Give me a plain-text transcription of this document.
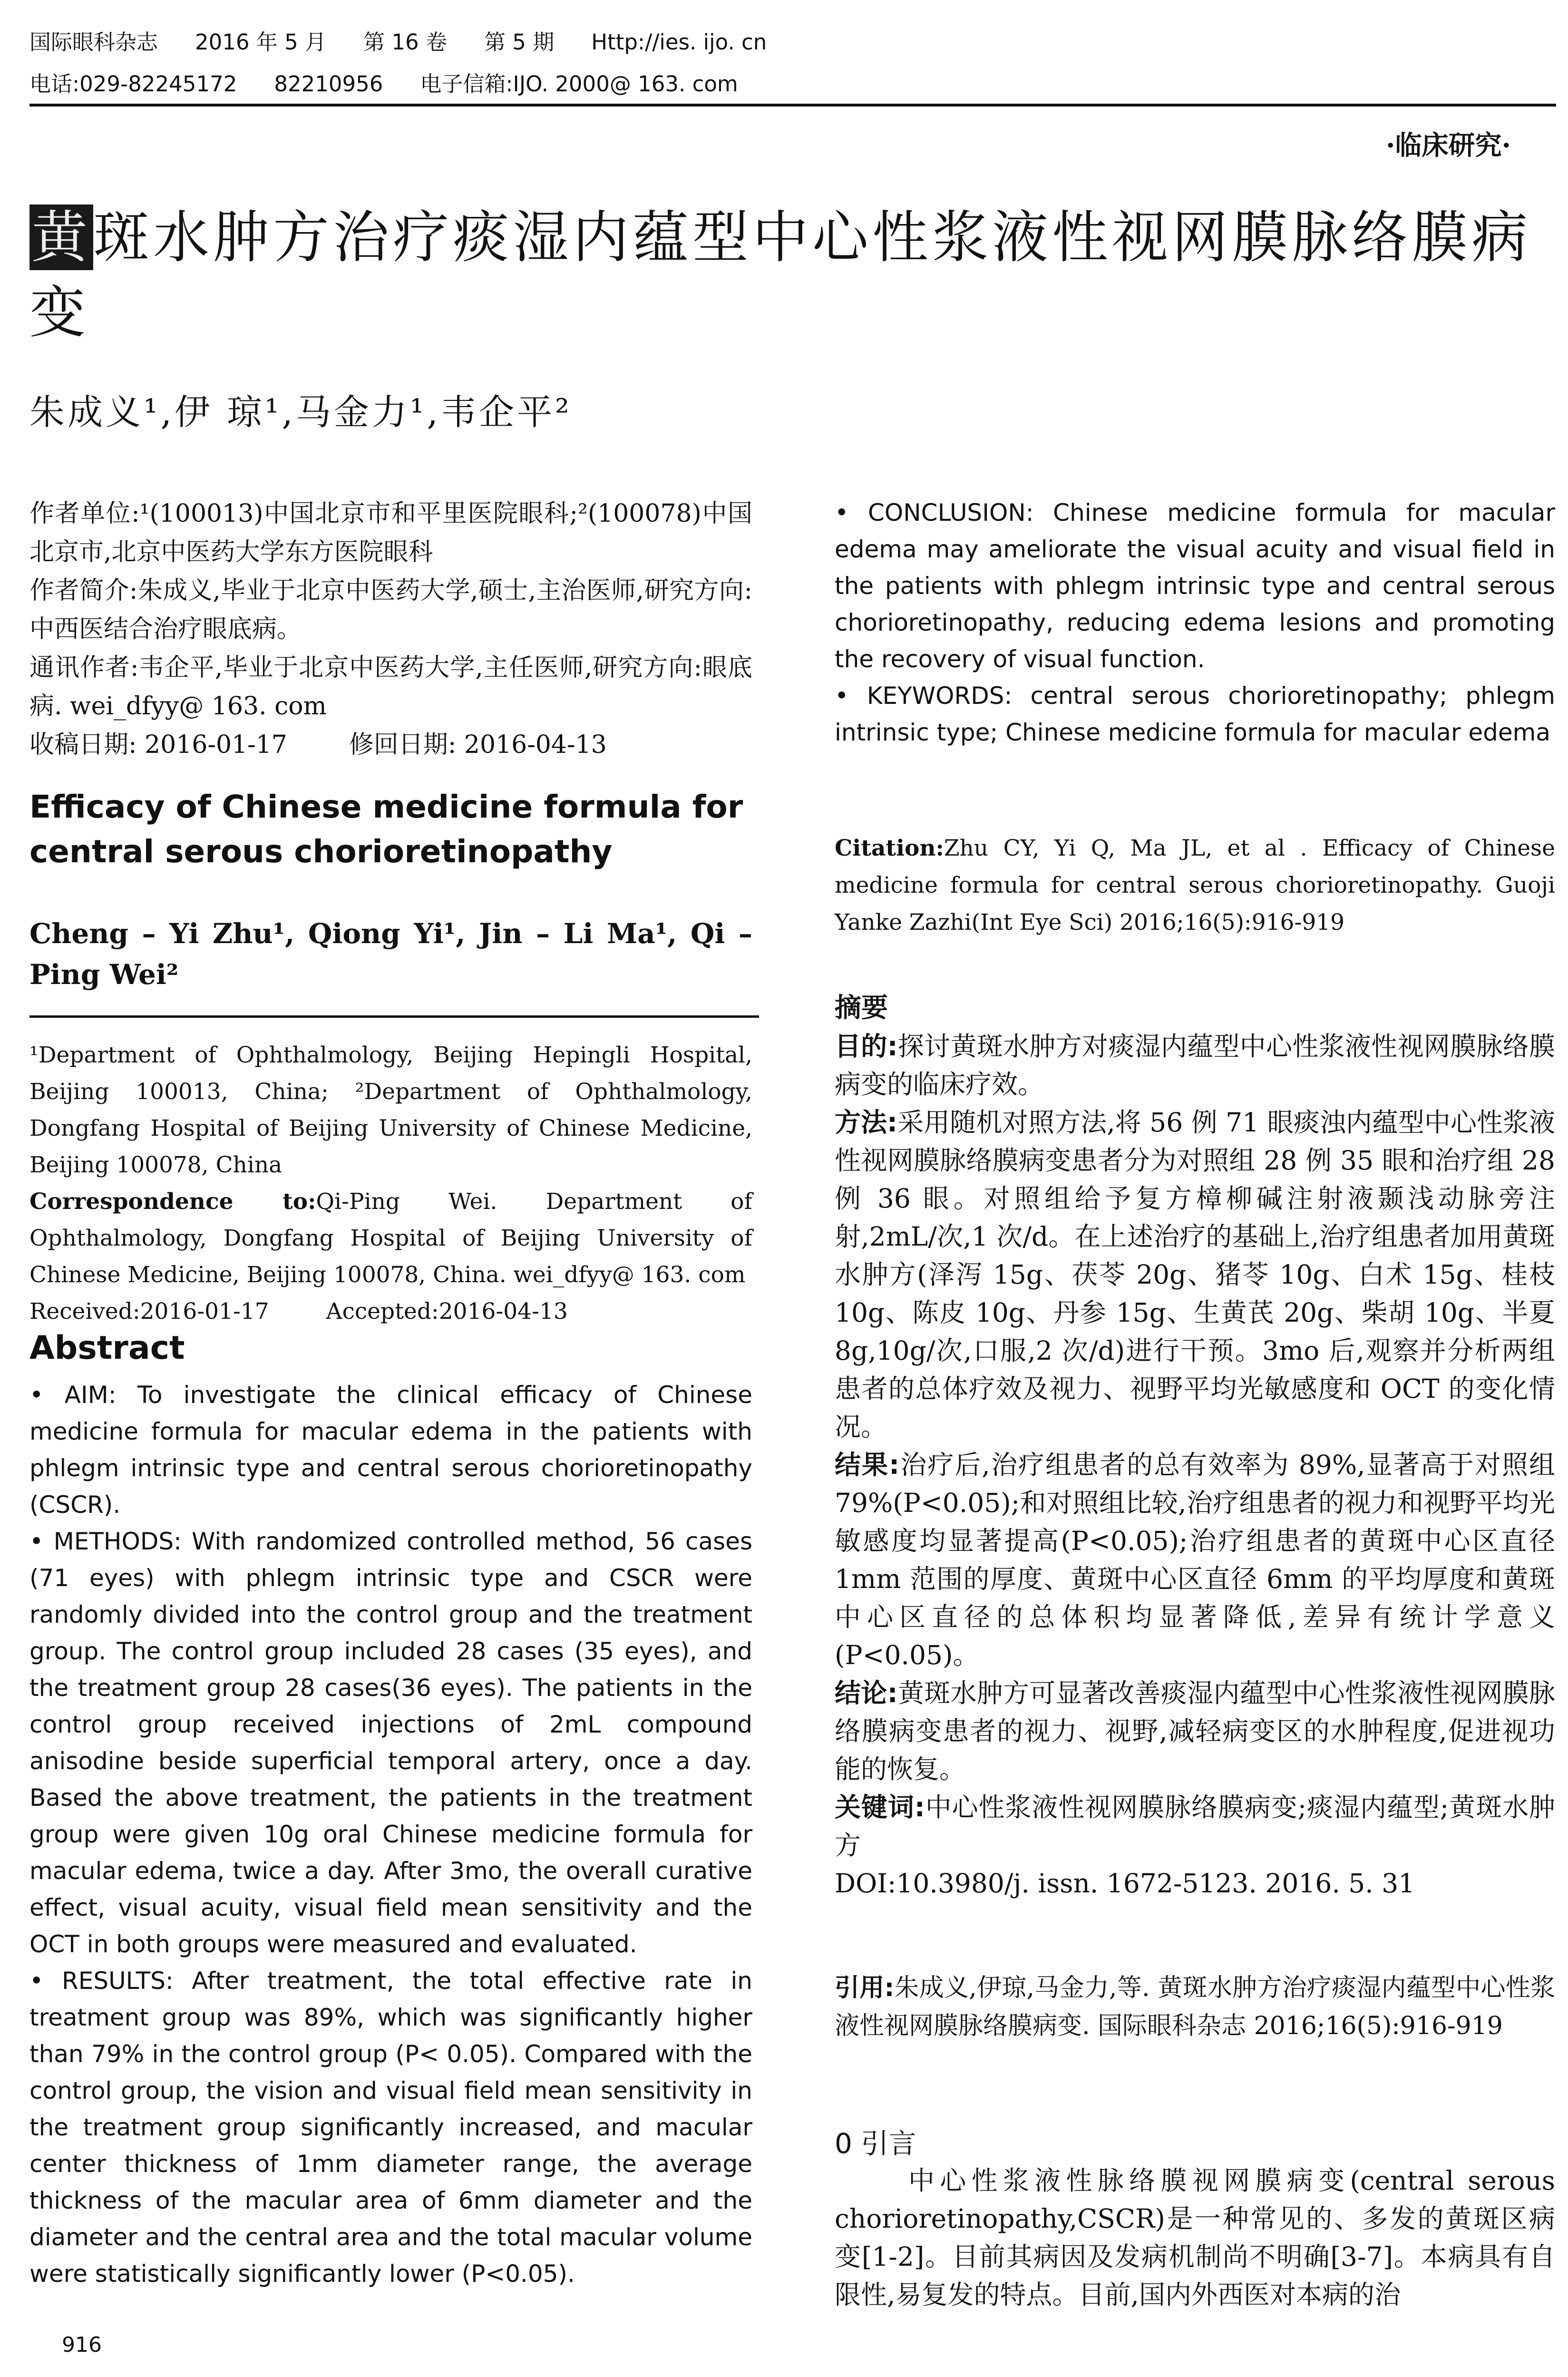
国际眼科杂志 2016 年 5 月 第 16 卷 第 5 期 Http://ies. ijo. cn
电话:029-82245172 82210956 电子信箱:IJO. 2000@ 163. com
·临床研究·
黄斑水肿方治疗痰湿内蕴型中心性浆液性视网膜脉络膜病变
朱成义¹,伊 琼¹,马金力¹,韦企平²

作者单位:¹(100013)中国北京市和平里医院眼科;²(100078)中国北京市,北京中医药大学东方医院眼科

作者简介:朱成义,毕业于北京中医药大学,硕士,主治医师,研究方向:中西医结合治疗眼底病。

通讯作者:韦企平,毕业于北京中医药大学,主任医师,研究方向:眼底病. wei_dfyy@ 163. com

收稿日期: 2016-01-17	修回日期: 2016-04-13

Efficacy of Chinese medicine formula for central serous chorioretinopathy
Cheng – Yi Zhu¹, Qiong Yi¹, Jin – Li Ma¹, Qi – Ping Wei²

¹Department of Ophthalmology, Beijing Hepingli Hospital, Beijing 100013, China; ²Department of Ophthalmology, Dongfang Hospital of Beijing University of Chinese Medicine, Beijing 100078, China

Correspondence to:Qi-Ping Wei. Department of Ophthalmology, Dongfang Hospital of Beijing University of Chinese Medicine, Beijing 100078, China. wei_dfyy@ 163. com

Received:2016-01-17	Accepted:2016-04-13

Abstract

• AIM: To investigate the clinical efficacy of Chinese medicine formula for macular edema in the patients with phlegm intrinsic type and central serous chorioretinopathy (CSCR).

• METHODS: With randomized controlled method, 56 cases (71 eyes) with phlegm intrinsic type and CSCR were randomly divided into the control group and the treatment group. The control group included 28 cases (35 eyes), and the treatment group 28 cases(36 eyes). The patients in the control group received injections of 2mL compound anisodine beside superficial temporal artery, once a day. Based the above treatment, the patients in the treatment group were given 10g oral Chinese medicine formula for macular edema, twice a day. After 3mo, the overall curative effect, visual acuity, visual field mean sensitivity and the OCT in both groups were measured and evaluated.

• RESULTS: After treatment, the total effective rate in treatment group was 89%, which was significantly higher than 79% in the control group (P< 0.05). Compared with the control group, the vision and visual field mean sensitivity in the treatment group significantly increased, and macular center thickness of 1mm diameter range, the average thickness of the macular area of 6mm diameter and the diameter and the central area and the total macular volume were statistically significantly lower (P<0.05).

916

• CONCLUSION: Chinese medicine formula for macular edema may ameliorate the visual acuity and visual field in the patients with phlegm intrinsic type and central serous chorioretinopathy, reducing edema lesions and promoting the recovery of visual function.

• KEYWORDS: central serous chorioretinopathy; phlegm intrinsic type; Chinese medicine formula for macular edema

Citation:Zhu CY, Yi Q, Ma JL, et al . Efficacy of Chinese medicine formula for central serous chorioretinopathy. Guoji Yanke Zazhi(Int Eye Sci) 2016;16(5):916-919
摘要

目的:探讨黄斑水肿方对痰湿内蕴型中心性浆液性视网膜脉络膜病变的临床疗效。

方法:采用随机对照方法,将 56 例 71 眼痰浊内蕴型中心性浆液性视网膜脉络膜病变患者分为对照组 28 例 35 眼和治疗组 28 例 36 眼。对照组给予复方樟柳碱注射液颞浅动脉旁注射,2mL/次,1 次/d。在上述治疗的基础上,治疗组患者加用黄斑水肿方(泽泻 15g、茯苓 20g、猪苓 10g、白术 15g、桂枝 10g、陈皮 10g、丹参 15g、生黄芪 20g、柴胡 10g、半夏 8g,10g/次,口服,2 次/d)进行干预。3mo 后,观察并分析两组患者的总体疗效及视力、视野平均光敏感度和 OCT 的变化情况。

结果:治疗后,治疗组患者的总有效率为 89%,显著高于对照组 79%(P<0.05);和对照组比较,治疗组患者的视力和视野平均光敏感度均显著提高(P<0.05);治疗组患者的黄斑中心区直径 1mm 范围的厚度、黄斑中心区直径 6mm 的平均厚度和黄斑中心区直径的总体积均显著降低,差异有统计学意义(P<0.05)。

结论:黄斑水肿方可显著改善痰湿内蕴型中心性浆液性视网膜脉络膜病变患者的视力、视野,减轻病变区的水肿程度,促进视功能的恢复。

关键词:中心性浆液性视网膜脉络膜病变;痰湿内蕴型;黄斑水肿方

DOI:10.3980/j. issn. 1672-5123. 2016. 5. 31

引用:朱成义,伊琼,马金力,等. 黄斑水肿方治疗痰湿内蕴型中心性浆液性视网膜脉络膜病变. 国际眼科杂志 2016;16(5):916-919
0 引言
中心性浆液性脉络膜视网膜病变(central serous chorioretinopathy,CSCR)是一种常见的、多发的黄斑区病变[1-2]。目前其病因及发病机制尚不明确[3-7]。本病具有自限性,易复发的特点。目前,国内外西医对本病的治
